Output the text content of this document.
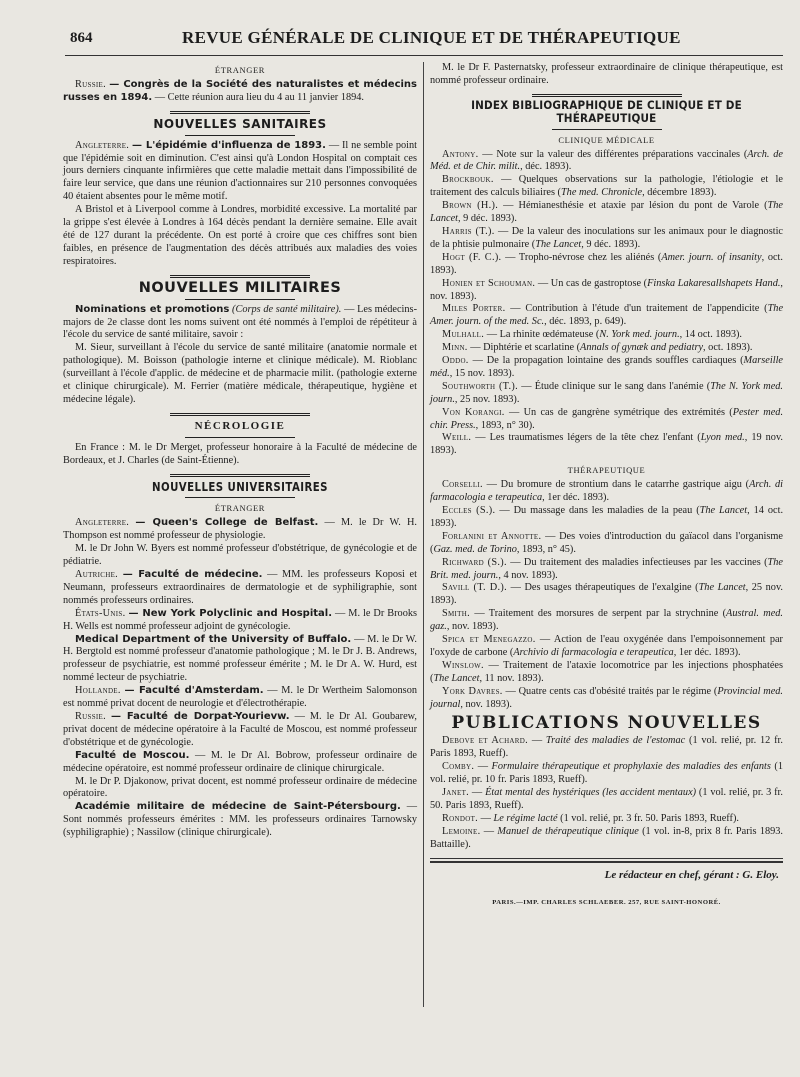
864	REVUE GÉNÉRALE DE CLINIQUE ET DE THÉRAPEUTIQUE
ÉTRANGER

Russie. — Congrès de la Société des naturalistes et médecins russes en 1894. — Cette réunion aura lieu du 4 au 11 janvier 1894.

NOUVELLES SANITAIRES

Angleterre. — L'épidémie d'influenza de 1893. — Il ne semble point que l'épidémie soit en diminution. C'est ainsi qu'à London Hospital on comptait ces jours derniers cinquante infirmières que cette maladie mettait dans l'impossibilité de faire leur service, que dans une réunion d'actionnaires sur 210 personnes convoquées 40 étaient absentes pour le même motif.

A Bristol et à Liverpool comme à Londres, morbidité excessive. La mortalité par la grippe s'est élevée à Londres à 164 décès pendant la dernière semaine. Elle avait été de 127 durant la précédente. On est porté à croire que ces chiffres sont bien faibles, en présence de l'augmentation des décès attribués aux maladies des voies respiratoires.

NOUVELLES MILITAIRES

Nominations et promotions (Corps de santé militaire). — Les médecins-majors de 2e classe dont les noms suivent ont été nommés à l'emploi de répétiteur à l'école du service de santé militaire, savoir :

M. Sieur, surveillant à l'école du service de santé militaire (anatomie normale et pathologique). M. Boisson (pathologie interne et clinique médicale). M. Rioblanc (surveillant à l'école d'applic. de médecine et de pharmacie milit. (pathologie externe et clinique chirurgicale). M. Ferrier (matière médicale, thérapeutique, hygiène et médecine légale).

NÉCROLOGIE

En France : M. le Dr Merget, professeur honoraire à la Faculté de médecine de Bordeaux, et J. Charles (de Saint-Étienne).

NOUVELLES UNIVERSITAIRES
ÉTRANGER

Angleterre. — Queen's College de Belfast. — M. le Dr W. H. Thompson est nommé professeur de physiologie.

M. le Dr John W. Byers est nommé professeur d'obstétrique, de gynécologie et de pédiatrie.

Autriche. — Faculté de médecine. — MM. les professeurs Koposi et Neumann, professeurs extraordinaires de dermatologie et de syphiligraphie, sont nommés professeurs ordinaires.

États-Unis. — New York Polyclinic and Hospital. — M. le Dr Brooks H. Wells est nommé professeur adjoint de gynécologie.

Medical Department of the University of Buffalo. — M. le Dr W. H. Bergtold est nommé professeur d'anatomie pathologique ; M. le Dr J. B. Andrews, professeur de psychiatrie, est nommé professeur émérite ; M. le Dr A. W. Hurd, est nommé lecteur de psychiatrie.

Hollande. — Faculté d'Amsterdam. — M. le Dr Wertheim Salomonson est nommé privat docent de neurologie et d'électrothérapie.

Russie. — Faculté de Dorpat-Yourievw. — M. le Dr Al. Goubarew, privat docent de médecine opératoire à la Faculté de Moscou, est nommé professeur d'obstétrique et de gynécologie.

Faculté de Moscou. — M. le Dr Al. Bobrow, professeur ordinaire de médecine opératoire, est nommé professeur ordinaire de clinique chirurgicale.

M. le Dr P. Djakonow, privat docent, est nommé professeur ordinaire de médecine opératoire.

Académie militaire de médecine de Saint-Pétersbourg. — Sont nommés professeurs émérites : MM. les professeurs ordinaires Tarnowsky (syphiligraphie) ; Nassilow (clinique chirurgicale).

M. le Dr F. Pasternatsky, professeur extraordinaire de clinique thérapeutique, est nommé professeur ordinaire.

INDEX BIBLIOGRAPHIQUE DE CLINIQUE ET DE THÉRAPEUTIQUE
CLINIQUE MÉDICALE

Antony. — Note sur la valeur des différentes préparations vaccinales (Arch. de Méd. et de Chir. milit., déc. 1893).

Brockbouk. — Quelques observations sur la pathologie, l'étiologie et le traitement des calculs biliaires (The med. Chronicle, décembre 1893).

Brown (H.). — Hémianesthésie et ataxie par lésion du pont de Varole (The Lancet, 9 déc. 1893).

Harris (T.). — De la valeur des inoculations sur les animaux pour le diagnostic de la phtisie pulmonaire (The Lancet, 9 déc. 1893).

Hogt (F. C.). — Tropho-névrose chez les aliénés (Amer. journ. of insanity, oct. 1893).

Honien et Schouman. — Un cas de gastroptose (Finska Lakaresallshapets Hand., nov. 1893).

Miles Porter. — Contribution à l'étude d'un traitement de l'appendicite (The Amer. journ. of the med. Sc., déc. 1893, p. 649).

Mulhall. — La rhinite œdémateuse (N. York med. journ., 14 oct. 1893).

Minn. — Diphtérie et scarlatine (Annals of gynæk and pediatry, oct. 1893).

Oddo. — De la propagation lointaine des grands souffles cardiaques (Marseille méd., 15 nov. 1893).

Southworth (T.). — Étude clinique sur le sang dans l'anémie (The N. York med. journ., 25 nov. 1893).

Von Korangi. — Un cas de gangrène symétrique des extrémités (Pester med. chir. Press., 1893, n° 30).

Weill. — Les traumatismes légers de la tête chez l'enfant (Lyon med., 19 nov. 1893).

THÉRAPEUTIQUE

Corselli. — Du bromure de strontium dans le catarrhe gastrique aigu (Arch. di farmacologia e terapeutica, 1er déc. 1893).

Eccles (S.). — Du massage dans les maladies de la peau (The Lancet, 14 oct. 1893).

Forlanini et Annotte. — Des voies d'introduction du gaïacol dans l'organisme (Gaz. med. de Torino, 1893, n° 45).

Richward (S.). — Du traitement des maladies infectieuses par les vaccines (The Brit. med. journ., 4 nov. 1893).

Savill (T. D.). — Des usages thérapeutiques de l'exalgine (The Lancet, 25 nov. 1893).

Smith. — Traitement des morsures de serpent par la strychnine (Austral. med. gaz., nov. 1893).

Spica et Menegazzo. — Action de l'eau oxygénée dans l'empoisonnement par l'oxyde de carbone (Archivio di farmacologia e terapeutica, 1er déc. 1893).

Winslow. — Traitement de l'ataxie locomotrice par les injections phosphatées (The Lancet, 11 nov. 1893).

York Davres. — Quatre cents cas d'obésité traités par le régime (Provincial med. journal, nov. 1893).

PUBLICATIONS NOUVELLES

Debove et Achard. — Traité des maladies de l'estomac (1 vol. relié, pr. 12 fr. Paris 1893, Rueff).

Comby. — Formulaire thérapeutique et prophylaxie des maladies des enfants (1 vol. relié, pr. 10 fr. Paris 1893, Rueff).

Janet. — État mental des hystériques (les accident mentaux) (1 vol. relié, pr. 3 fr. 50. Paris 1893, Rueff).

Rondot. — Le régime lacté (1 vol. relié, pr. 3 fr. 50. Paris 1893, Rueff).

Lemoine. — Manuel de thérapeutique clinique (1 vol. in-8, prix 8 fr. Paris 1893. Battaille).

Le rédacteur en chef, gérant : G. Eloy.
PARIS.—IMP. CHARLES SCHLAEBER. 257, RUE SAINT-HONORÉ.
